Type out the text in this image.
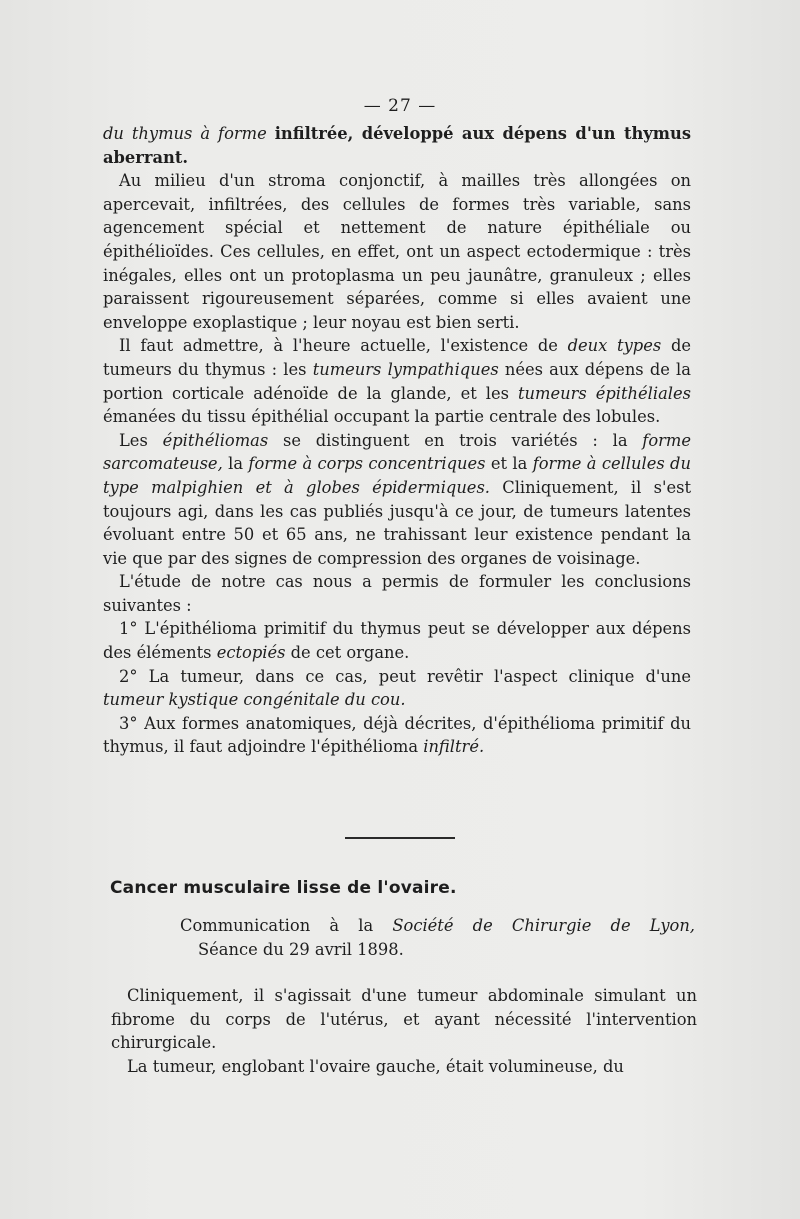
— 27 —

du thymus à forme infiltrée, développé aux dépens d'un thymus aberrant.

Au milieu d'un stroma conjonctif, à mailles très allongées on apercevait, infiltrées, des cellules de formes très variable, sans agencement spécial et nettement de nature épithéliale ou épithélioïdes. Ces cellules, en effet, ont un aspect ectodermique : très inégales, elles ont un protoplasma un peu jaunâtre, granuleux ; elles paraissent rigoureusement séparées, comme si elles avaient une enveloppe exoplastique ; leur noyau est bien serti.

Il faut admettre, à l'heure actuelle, l'existence de deux types de tumeurs du thymus : les tumeurs lympathiques nées aux dépens de la portion corticale adénoïde de la glande, et les tumeurs épithéliales émanées du tissu épithélial occupant la partie centrale des lobules.

Les épithéliomas se distinguent en trois variétés : la forme sarcomateuse, la forme à corps concentriques et la forme à cellules du type malpighien et à globes épidermiques. Cliniquement, il s'est toujours agi, dans les cas publiés jusqu'à ce jour, de tumeurs latentes évoluant entre 50 et 65 ans, ne trahissant leur existence pendant la vie que par des signes de compression des organes de voisinage.

L'étude de notre cas nous a permis de formuler les conclusions suivantes :

1° L'épithélioma primitif du thymus peut se développer aux dépens des éléments ectopiés de cet organe.

2° La tumeur, dans ce cas, peut revêtir l'aspect clinique d'une tumeur kystique congénitale du cou.

3° Aux formes anatomiques, déjà décrites, d'épithélioma primitif du thymus, il faut adjoindre l'épithélioma infiltré.

Cancer musculaire lisse de l'ovaire.
Communication à la Société de Chirurgie de Lyon,
Séance du 29 avril 1898.

Cliniquement, il s'agissait d'une tumeur abdominale simulant un fibrome du corps de l'utérus, et ayant nécessité l'intervention chirurgicale.

La tumeur, englobant l'ovaire gauche, était volumineuse, du
